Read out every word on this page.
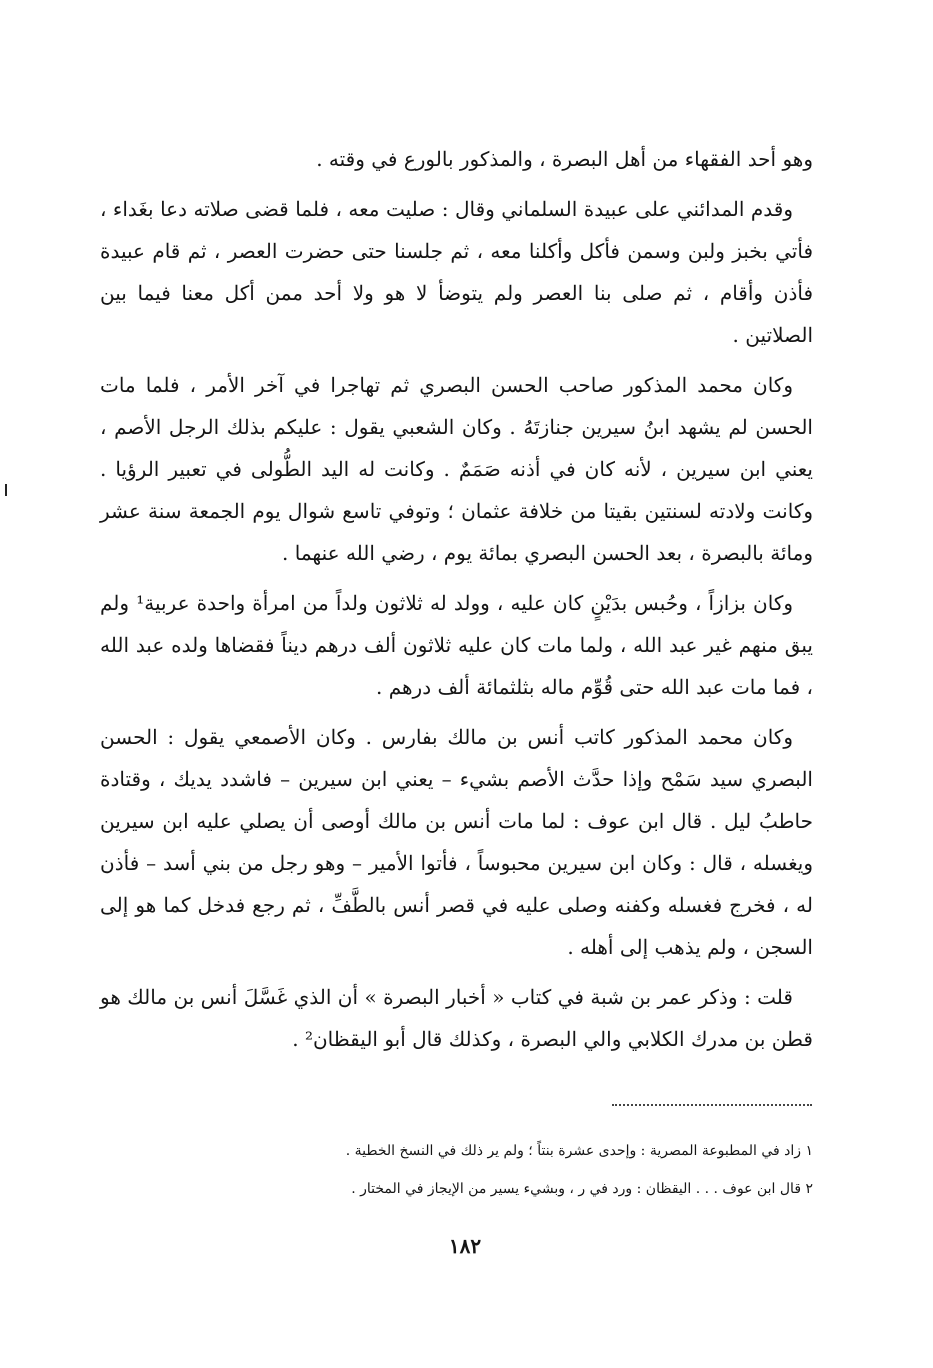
وهو أحد الفقهاء من أهل البصرة ، والمذكور بالورع في وقته .

وقدم المدائني على عبيدة السلماني وقال : صليت معه ، فلما قضى صلاته دعا بغَداء ، فأتي بخبز ولبن وسمن فأكل وأكلنا معه ، ثم جلسنا حتى حضرت العصر ، ثم قام عبيدة فأذن وأقام ، ثم صلى بنا العصر ولم يتوضأ لا هو ولا أحد ممن أكل معنا فيما بين الصلاتين .

وكان محمد المذكور صاحب الحسن البصري ثم تهاجرا في آخر الأمر ، فلما مات الحسن لم يشهد ابنُ سيرين جنازتَهُ . وكان الشعبي يقول : عليكم بذلك الرجل الأصم ، يعني ابن سيرين ، لأنه كان في أذنه صَمَمٌ . وكانت له اليد الطُّولى في تعبير الرؤيا . وكانت ولادته لسنتين بقيتا من خلافة عثمان ؛ وتوفي تاسع شوال يوم الجمعة سنة عشر ومائة بالبصرة ، بعد الحسن البصري بمائة يوم ، رضي الله عنهما .

وكان بزازاً ، وحُبس بدَيْنٍ كان عليه ، وولد له ثلاثون ولداً من امرأة واحدة عربية¹ ولم يبق منهم غير عبد الله ، ولما مات كان عليه ثلاثون ألف درهم ديناً فقضاها ولده عبد الله ، فما مات عبد الله حتى قُوِّم ماله بثلثمائة ألف درهم .

وكان محمد المذكور كاتب أنس بن مالك بفارس . وكان الأصمعي يقول : الحسن البصري سيد سَمْح وإذا حدَّث الأصم بشيء – يعني ابن سيرين – فاشدد يديك ، وقتادة حاطبُ ليل . قال ابن عوف : لما مات أنس بن مالك أوصى أن يصلي عليه ابن سيرين ويغسله ، قال : وكان ابن سيرين محبوساً ، فأتوا الأمير – وهو رجل من بني أسد – فأذن له ، فخرج فغسله وكفنه وصلى عليه في قصر أنس بالطَّفِّ ، ثم رجع فدخل كما هو إلى السجن ، ولم يذهب إلى أهله .

قلت : وذكر عمر بن شبة في كتاب « أخبار البصرة » أن الذي غَسَّلَ أنس بن مالك هو قطن بن مدرك الكلابي والي البصرة ، وكذلك قال أبو اليقظان² .

١ زاد في المطبوعة المصرية : وإحدى عشرة بنتاً ؛ ولم ير ذلك في النسخ الخطية .

٢ قال ابن عوف . . . اليقظان : ورد في ر ، وبشيء يسير من الإيجاز في المختار .

١٨٢
